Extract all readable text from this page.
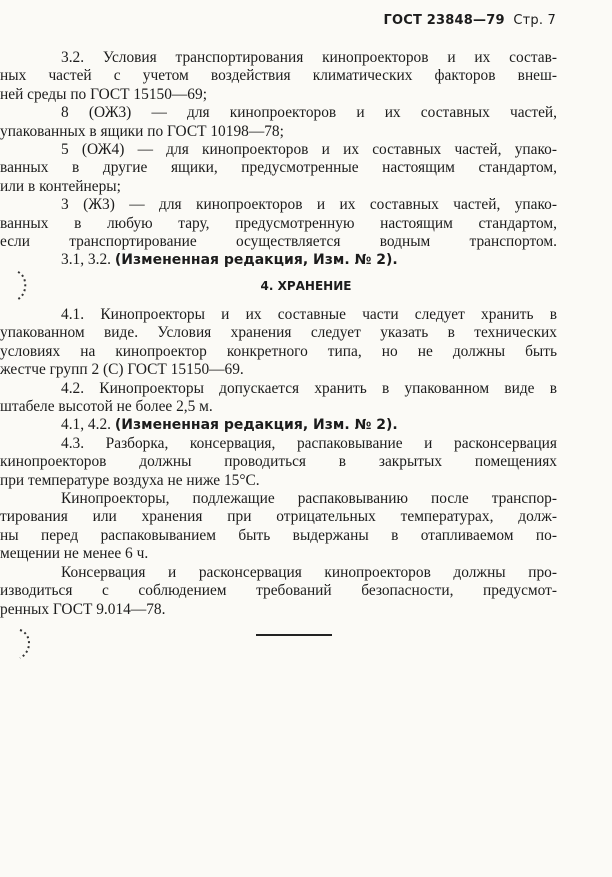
ГОСТ 23848—79 Стр. 7
3.2. Условия транспортирования кинопроекторов и их состав-
ных частей с учетом воздействия климатических факторов внеш-
ней среды по ГОСТ 15150—69;
8 (ОЖ3) — для кинопроекторов и их составных частей,
упакованных в ящики по ГОСТ 10198—78;
5 (ОЖ4) — для кинопроекторов и их составных частей, упако-
ванных в другие ящики, предусмотренные настоящим стандартом,
или в контейнеры;
3 (Ж3) — для кинопроекторов и их составных частей, упако-
ванных в любую тару, предусмотренную настоящим стандартом,
если транспортирование осуществляется водным транспортом.
3.1, 3.2. (Измененная редакция, Изм. № 2).
4. ХРАНЕНИЕ
4.1. Кинопроекторы и их составные части следует хранить в
упакованном виде. Условия хранения следует указать в технических
условиях на кинопроектор конкретного типа, но не должны быть
жестче групп 2 (С) ГОСТ 15150—69.
4.2. Кинопроекторы допускается хранить в упакованном виде в
штабеле высотой не более 2,5 м.
4.1, 4.2. (Измененная редакция, Изм. № 2).
4.3. Разборка, консервация, распаковывание и расконсервация
кинопроекторов должны проводиться в закрытых помещениях
при температуре воздуха не ниже 15°С.
Кинопроекторы, подлежащие распаковыванию после транспор-
тирования или хранения при отрицательных температурах, долж-
ны перед распаковыванием быть выдержаны в отапливаемом по-
мещении не менее 6 ч.
Консервация и расконсервация кинопроекторов должны про-
изводиться с соблюдением требований безопасности, предусмот-
ренных ГОСТ 9.014—78.
